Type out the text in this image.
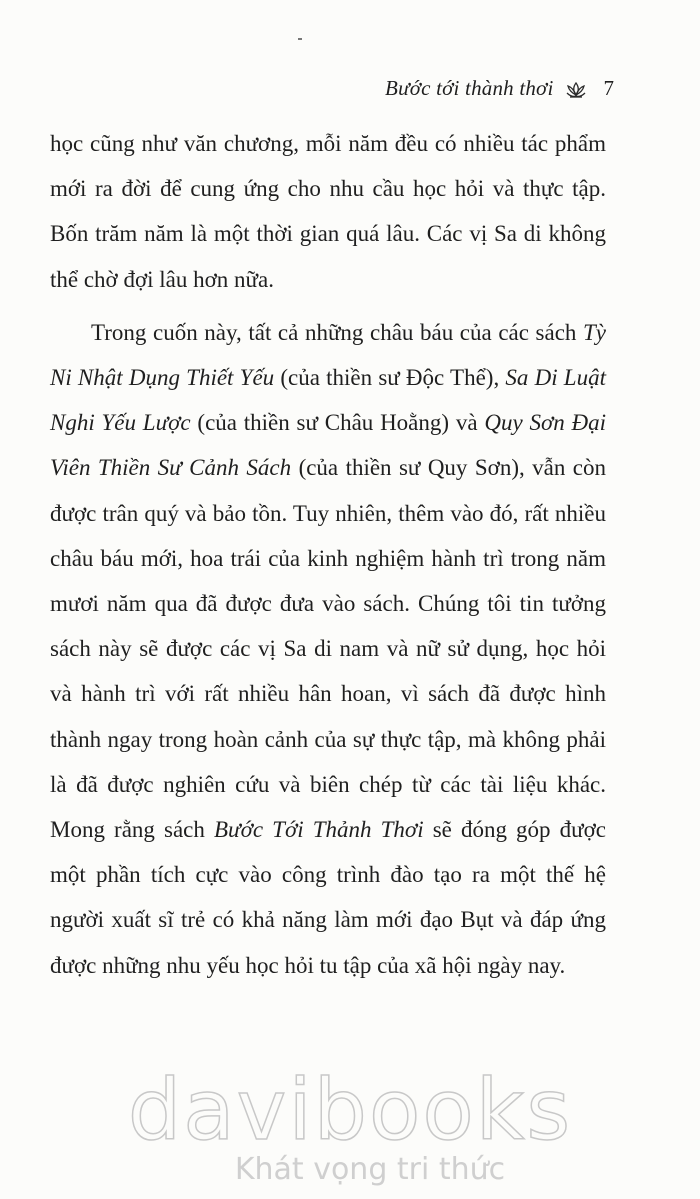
Bước tới thành thơi 7

học cũng như văn chương, mỗi năm đều có nhiều tác phẩm mới ra đời để cung ứng cho nhu cầu học hỏi và thực tập. Bốn trăm năm là một thời gian quá lâu. Các vị Sa di không thể chờ đợi lâu hơn nữa.

Trong cuốn này, tất cả những châu báu của các sách Tỳ Ni Nhật Dụng Thiết Yếu (của thiền sư Độc Thể), Sa Di Luật Nghi Yếu Lược (của thiền sư Châu Hoằng) và Quy Sơn Đại Viên Thiền Sư Cảnh Sách (của thiền sư Quy Sơn), vẫn còn được trân quý và bảo tồn. Tuy nhiên, thêm vào đó, rất nhiều châu báu mới, hoa trái của kinh nghiệm hành trì trong năm mươi năm qua đã được đưa vào sách. Chúng tôi tin tưởng sách này sẽ được các vị Sa di nam và nữ sử dụng, học hỏi và hành trì với rất nhiều hân hoan, vì sách đã được hình thành ngay trong hoàn cảnh của sự thực tập, mà không phải là đã được nghiên cứu và biên chép từ các tài liệu khác. Mong rằng sách Bước Tới Thảnh Thơi sẽ đóng góp được một phần tích cực vào công trình đào tạo ra một thế hệ người xuất sĩ trẻ có khả năng làm mới đạo Bụt và đáp ứng được những nhu yếu học hỏi tu tập của xã hội ngày nay.

davibooks
Khát vọng tri thức
